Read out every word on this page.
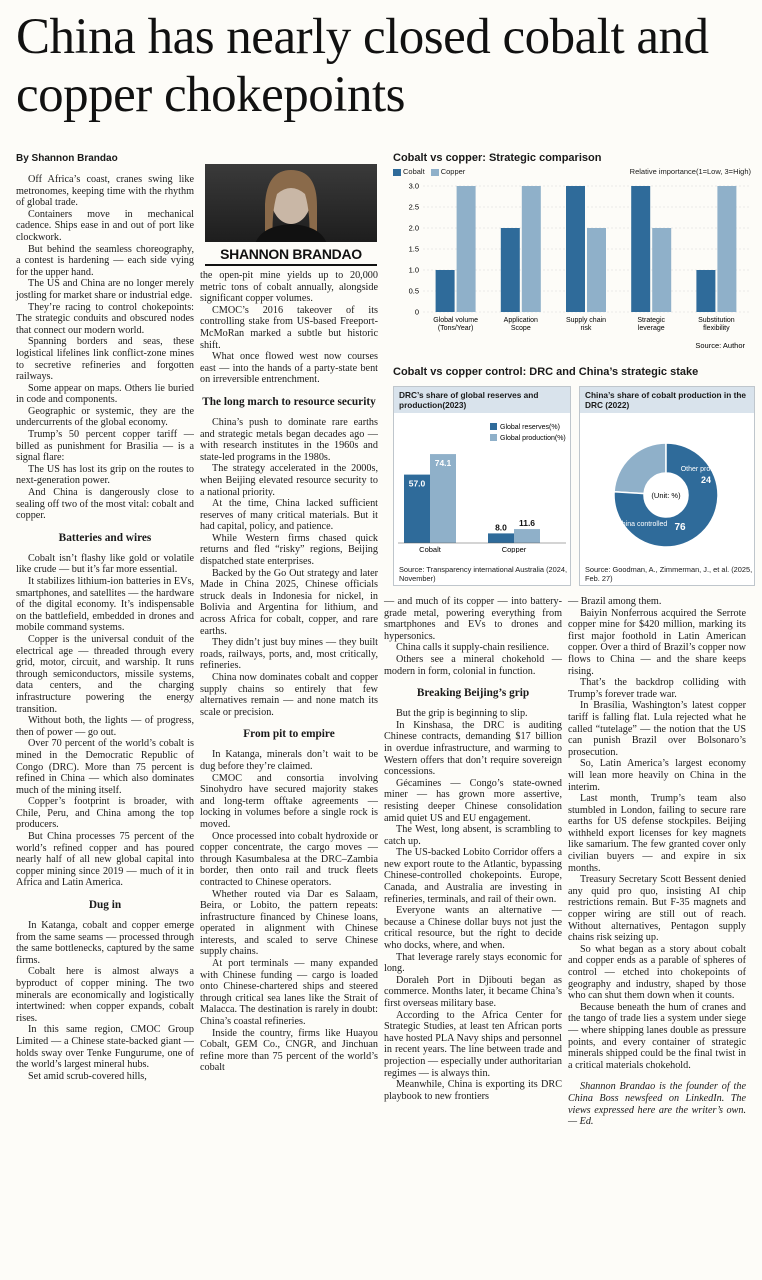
China has nearly closed cobalt and copper chokepoints
By Shannon Brandao

Off Africa’s coast, cranes swing like metronomes, keeping time with the rhythm of global trade.

Containers move in mechanical cadence. Ships ease in and out of port like clockwork.

But behind the seamless choreography, a contest is hardening — each side vying for the upper hand.

The US and China are no longer merely jostling for market share or industrial edge.

They’re racing to control chokepoints: The strategic conduits and obscured nodes that connect our modern world.

Spanning borders and seas, these logistical lifelines link conflict-zone mines to secretive refineries and forgotten railways.

Some appear on maps. Others lie buried in code and components.

Geographic or systemic, they are the undercurrents of the global economy.

Trump’s 50 percent copper tariff — billed as punishment for Brasilia — is a signal flare:

The US has lost its grip on the routes to next-generation power.

And China is dangerously close to sealing off two of the most vital: cobalt and copper.

Batteries and wires

Cobalt isn’t flashy like gold or volatile like crude — but it’s far more essential.

It stabilizes lithium-ion batteries in EVs, smartphones, and satellites — the hardware of the digital economy. It’s indispensable on the battlefield, embedded in drones and mobile command systems.

Copper is the universal conduit of the electrical age — threaded through every grid, motor, circuit, and warship. It runs through semiconductors, missile systems, data centers, and the charging infrastructure powering the energy transition.

Without both, the lights — of progress, then of power — go out.

Over 70 percent of the world’s cobalt is mined in the Democratic Republic of Congo (DRC). More than 75 percent is refined in China — which also dominates much of the mining itself.

Copper’s footprint is broader, with Chile, Peru, and China among the top producers.

But China processes 75 percent of the world’s refined copper and has poured nearly half of all new global capital into copper mining since 2019 — much of it in Africa and Latin America.

Dug in

In Katanga, cobalt and copper emerge from the same seams — processed through the same bottlenecks, captured by the same firms.

Cobalt here is almost always a byproduct of copper mining. The two minerals are economically and logistically intertwined: when copper expands, cobalt rises.

In this same region, CMOC Group Limited — a Chinese state-backed giant — holds sway over Tenke Fungurume, one of the world’s largest mineral hubs.

Set amid scrub-covered hills,

SHANNON BRANDAO

the open-pit mine yields up to 20,000 metric tons of cobalt annually, alongside significant copper volumes.

CMOC’s 2016 takeover of its controlling stake from US-based Freeport-McMoRan marked a subtle but historic shift.

What once flowed west now courses east — into the hands of a party-state bent on irreversible entrenchment.

The long march to resource security

China’s push to dominate rare earths and strategic metals began decades ago — with research institutes in the 1960s and state-led programs in the 1980s.

The strategy accelerated in the 2000s, when Beijing elevated resource security to a national priority.

At the time, China lacked sufficient reserves of many critical materials. But it had capital, policy, and patience.

While Western firms chased quick returns and fled “risky” regions, Beijing dispatched state enterprises.

Backed by the Go Out strategy and later Made in China 2025, Chinese officials struck deals in Indonesia for nickel, in Bolivia and Argentina for lithium, and across Africa for cobalt, copper, and rare earths.

They didn’t just buy mines — they built roads, railways, ports, and, most critically, refineries.

China now dominates cobalt and copper supply chains so entirely that few alternatives remain — and none match its scale or precision.

From pit to empire

In Katanga, minerals don’t wait to be dug before they’re claimed.

CMOC and consortia involving Sinohydro have secured majority stakes and long-term offtake agreements — locking in volumes before a single rock is moved.

Once processed into cobalt hydroxide or copper concentrate, the cargo moves — through Kasumbalesa at the DRC–Zambia border, then onto rail and truck fleets contracted to Chinese operators.

Whether routed via Dar es Salaam, Beira, or Lobito, the pattern repeats: infrastructure financed by Chinese loans, operated in alignment with Chinese interests, and scaled to serve Chinese supply chains.

At port terminals — many expanded with Chinese funding — cargo is loaded onto Chinese-chartered ships and steered through critical sea lanes like the Strait of Malacca. The destination is rarely in doubt: China’s coastal refineries.

Inside the country, firms like Huayou Cobalt, GEM Co., CNGR, and Jinchuan refine more than 75 percent of the world’s cobalt

Cobalt vs copper: Strategic comparison
Cobalt	Copper	Relative importance(1=Low, 3=High)
0
0.5
1.0
1.5
2.0
2.5
3.0
Global volume (Tons/Year)
Application Scope
Supply chain risk
Strategic leverage
Substitution flexibility
Source: Author
Cobalt vs copper control: DRC and China’s strategic stake
DRC’s share of global reserves and production(2023)
Global reserves(%)
Global production(%)
57.0
74.1
Cobalt
8.0 11.6
Copper
Source: Transparency international Australia (2024, November)
China’s share of cobalt production in the DRC (2022)
(Unit: %)
Other producers
24
China controlled 76
Source: Goodman, A., Zimmerman, J., et al. (2025, Feb. 27)

— and much of its copper — into battery-grade metal, powering everything from smartphones and EVs to drones and hypersonics.

China calls it supply-chain resilience.

Others see a mineral chokehold — modern in form, colonial in function.

Breaking Beijing’s grip

But the grip is beginning to slip.

In Kinshasa, the DRC is auditing Chinese contracts, demanding $17 billion in overdue infrastructure, and warming to Western offers that don’t require sovereign concessions.

Gécamines — Congo’s state-owned miner — has grown more assertive, resisting deeper Chinese consolidation amid quiet US and EU engagement.

The West, long absent, is scrambling to catch up.

The US-backed Lobito Corridor offers a new export route to the Atlantic, bypassing Chinese-controlled chokepoints. Europe, Canada, and Australia are investing in refineries, terminals, and rail of their own.

Everyone wants an alternative — because a Chinese dollar buys not just the critical resource, but the right to decide who docks, where, and when.

That leverage rarely stays economic for long.

Doraleh Port in Djibouti began as commerce. Months later, it became China’s first overseas military base.

According to the Africa Center for Strategic Studies, at least ten African ports have hosted PLA Navy ships and personnel in recent years. The line between trade and projection — especially under authoritarian regimes — is always thin.

Meanwhile, China is exporting its DRC playbook to new frontiers

— Brazil among them.

Baiyin Nonferrous acquired the Serrote copper mine for $420 million, marking its first major foothold in Latin American copper. Over a third of Brazil’s copper now flows to China — and the share keeps rising.

That’s the backdrop colliding with Trump’s forever trade war.

In Brasília, Washington’s latest copper tariff is falling flat. Lula rejected what he called “tutelage” — the notion that the US can punish Brazil over Bolsonaro’s prosecution.

So, Latin America’s largest economy will lean more heavily on China in the interim.

Last month, Trump’s team also stumbled in London, failing to secure rare earths for US defense stockpiles. Beijing withheld export licenses for key magnets like samarium. The few granted cover only civilian buyers — and expire in six months.

Treasury Secretary Scott Bessent denied any quid pro quo, insisting AI chip restrictions remain. But F-35 magnets and copper wiring are still out of reach. Without alternatives, Pentagon supply chains risk seizing up.

So what began as a story about cobalt and copper ends as a parable of spheres of control — etched into chokepoints of geography and industry, shaped by those who can shut them down when it counts.

Because beneath the hum of cranes and the tango of trade lies a system under siege — where shipping lanes double as pressure points, and every container of strategic minerals shipped could be the final twist in a critical materials chokehold.

Shannon Brandao is the founder of the China Boss newsfeed on LinkedIn. The views expressed here are the writer’s own. — Ed.
